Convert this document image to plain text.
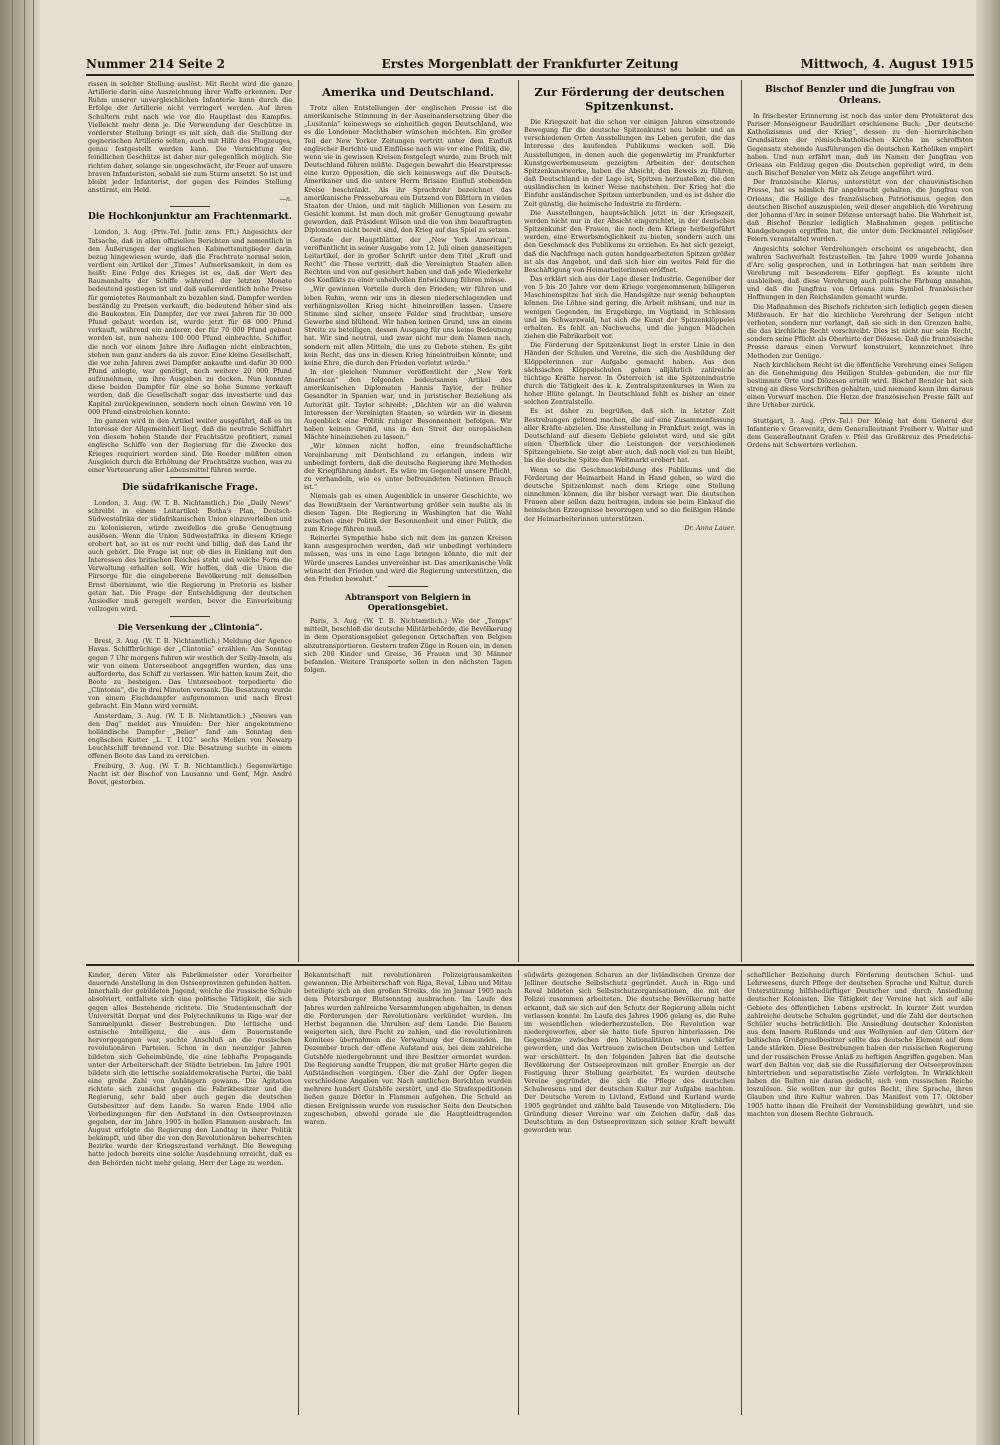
Erstes Morgenblatt der Frankfurter Zeitung
Nummer 214 Seite 2	Mittwoch, 4. August 1915

rissen in solcher Stellung auslöst. Mit Recht wird die ganze Artillerie darin eine Auszeichnung ihrer Waffe erkennen. Der Ruhm unserer unvergleichlichen Infanterie kann durch die Erfolge der Artillerie nicht verringert werden. Auf ihren Schultern ruht nach wie vor die Hauptlast des Kampfes. Vielleicht mehr denn je. Die Verwendung der Geschütze in vorderster Stellung bringt es mit sich, daß die Stellung der gegnerischen Artillerie selten, auch mit Hilfe des Flugzeuges, genau festgestellt werden kann. Die Vernichtung der feindlichen Geschütze ist daher nur gelegentlich möglich. Sie richten daher, solange sie ungeschwächt, ihr Feuer auf unsere braven Infanteristen, sobald sie zum Sturm ansetzt. So ist und bleibt jeder Infanterist, der gegen des Feindes Stellung anstürmt, ein Held.

—n.

Die Hochkonjunktur am Frachtenmarkt.

London, 3. Aug. (Priv.-Tel. Jndir. zens. Fft.) Angesichts der Tatsache, daß in allen offiziellen Berichten und namentlich in den Äußerungen der englischen Kabinettsmitglieder darin bezug hingewiesen wurde, daß die Frachtrate normal seien, verdient ein Artikel der „Times“ Aufmerksamkeit, in dem es heißt: Eine Folge des Krieges ist es, daß der Wert des Raumanhalts der Schiffe während der letzten Monate bedeutend gestiegen ist und daß außerordentlich hohe Preise für gemietetes Raumanhalt zu bezahlen sind. Dampfer werden beständig zu Preisen verkauft, die bedeutend höher sind als die Baukosten. Ein Dampfer, der vor zwei Jahren für 30 000 Pfund gebaut worden ist, wurde jetzt für 68 000 Pfund verkauft, während ein anderer, der für 70 000 Pfund gebaut worden ist, nun nahezu 100 000 Pfund einbrachte. Schiffer, die noch vor einem Jahre ihre Auflagen nicht einbrachten, stehen nun ganz anders da als zuvor. Eine kleine Gesellschaft, die vor zehn Jahren zwei Dampfer ankaufte und dafür 30 000 Pfund anlegte, war genötigt, noch weitere 20 000 Pfund aufzunehmen, um ihre Ausgaben zu decken. Nun konnten diese beiden Dampfer für eine so hohe Summe verkauft werden, daß die Gesellschaft sogar das investierte und das Kapital zurückgewinnen, sondern noch einen Gewinn von 10 000 Pfund einstreichen konnte.

Im ganzen wird in den Artikel weiter ausgeführt, daß es im Interesse der Allgemeinheit liegt, daß die neutrale Schiffahrt von diesem hohen Stande der Frachtsätze profitiert, zumal englische Schiffe von der Regierung für die Zwecke des Krieges requiriert worden sind. Die Reeder müßten einen Ausgleich durch die Erhöhung der Frachtsätze suchen, was zu einer Verteuerung aller Lebensmittel führen werde.

Die südafrikanische Frage.

London, 3. Aug. (W. T. B. Nichtamtlich.) Die „Daily News“ schreibt in einem Leitartikel: Botha's Plan, Deutsch-Südwestafrika der südafrikanischen Union einzuverleiben und zu kolonisieren, würde zweifellos die große Genugtuung auslösen. Wenn die Union Südwestafrika in diesem Kriege erobert hat, so ist es nur recht und billig, daß das Land ihr auch gehört. Die Frage ist nur, ob dies in Einklang mit den Interessen des britischen Reiches steht und welche Form die Verwaltung erhalten soll. Wir hoffen, daß die Union die Fürsorge für die eingeborene Bevölkerung mit demselben Ernst übernimmt, wie die Regierung in Pretoria es bisher getan hat. Die Frage der Entschädigung der deutschen Ansiedler muß geregelt werden, bevor die Einverleibung vollzogen wird.

Die Versenkung der „Clintonia“.

Brest, 3. Aug. (W. T. B. Nichtamtlich.) Meldung der Agence Havas. Schiffbrüchige der „Clintonia“ erzählen: Am Sonntag gegen 7 Uhr morgens fuhren wir westlich der Scilly-Inseln, als wir von einem Unterseeboot angegriffen wurden, das uns aufforderte, das Schiff zu verlassen. Wir hatten kaum Zeit, die Boote zu besteigen. Das Unterseeboot torpedierte die „Clintonia“, die in drei Minuten versank. Die Besatzung wurde von einem Fischdampfer aufgenommen und nach Brest gebracht. Ein Mann wird vermißt.

Amsterdam, 3. Aug. (W. T. B. Nichtamtlich.) „Nieuws van den Dag“ meldet aus Ymuiden: Der hier angekommene holländische Dampfer „Belier“ fand am Sonntag den englischen Kutter „L. T. 1102“ sechs Meilen von Newarp Leuchtschiff brennend vor. Die Besatzung suchte in einem offenen Boote das Land zu erreichen.

Freiburg, 3. Aug. (W. T. B. Nichtamtlich.) Gegenwärtige Nacht ist der Bischof von Lausanne und Genf, Mgr. André Bovet, gestorben.

Amerika und Deutschland.

Trotz allen Entstellungen der englischen Presse ist die amerikanische Stimmung in der Auseinandersetzung über die „Lusitania“ keineswegs so einheitlich gegen Deutschland, wie es die Londoner Machthaber wünschen möchten. Ein großer Teil der New Yorker Zeitungen vertritt unter dem Einfluß englischer Berichte und Einflüsse nach wie vor eine Politik, die, wenn sie in gewissen Kreisen festgelegt wurde, zum Bruch mit Deutschland führen müßte. Dagegen bewahrt die Hearstpresse eine kurze Opposition, die sich keineswegs auf die Deutsch-Amerikaner und die untere Herrn Brisane Einfluß stehenden Kreise beschränkt. Als ihr Sprachrohr bezeichnet das amerikanische Pressebureau ein Dutzend von Blättern in vielen Staaten der Union, und mit täglich Millionen von Lesern zu Gesicht kommt. Ist man doch mit großer Genugtuung gewahr geworden, daß Präsident Wilson und die von ihm beauftragten Diplomaten nicht bereit sind, den Krieg auf das Spiel zu setzen.

Gerade der Hauptblätter, der „New York American“, veröffentlicht in seiner Ausgabe vom 12. Juli einen ganzseitigen Leitartikel, der in großer Schrift unter dem Titel „Kraft und Recht“ die These vertritt, daß die Vereinigten Staaten allen Rechten und von auf gesichert haben und daß jede Wiederkehr des Konflikts zu einer unheilvollen Entwicklung führen müsse.

„Wir gewinnen Vorteile durch den Frieden; wir führen und leben Ruhm, wenn wir uns in diesen niederschlagenden und verhängnisvollen Krieg nicht hineinreißen lassen. Unsere Stimme sind sicher, unsere Felder sind fruchtbar; unsere Gewerbe sind blühend. Wir haben keinen Grund, uns an einem Streite zu beteiligen, dessen Ausgang für uns keine Bedeutung hat. Wir sind neutral, und zwar nicht nur dem Namen nach, sondern mit allen Mitteln, die uns zu Gebote stehen. Es gibt kein Recht, das uns in diesen Krieg hineintreiben könnte, und keine Ehre, die durch den Frieden verletzt würde.“

In der gleichen Nummer veröffentlicht der „New York American“ den folgenden bedeutsamen Artikel des amerikanischen Diplomaten Hannis Taylor, der früher Gesandter in Spanien war, und in juristischer Beziehung als Autorität gilt. Taylor schreibt: „Dächten wir an die wahren Interessen der Vereinigten Staaten, so würden wir in diesem Augenblick eine Politik ruhiger Besonnenheit befolgen. Wir haben keinen Grund, uns in den Streit der europäischen Mächte hineinziehen zu lassen.“

„Wir können nicht hoffen, eine freundschaftliche Vereinbarung mit Deutschland zu erlangen, indem wir unbedingt fordern, daß die deutsche Regierung ihre Methoden der Kriegführung ändert. Es wäre im Gegenteil unsere Pflicht, zu verhandeln, wie es unter befreundeten Nationen Brauch ist.“

Niemals gab es einen Augenblick in unserer Geschichte, wo das Bewußtsein der Verantwortung größer sein mußte als in diesen Tagen. Die Regierung in Washington hat die Wahl zwischen einer Politik der Besonnenheit und einer Politik, die zum Kriege führen muß.

Reinerlei Sympathie habe sich mit dem im ganzen Kreisen kann ausgesprochen werden, daß wir unbedingt verhindern müssen, was uns in eine Lage bringen könnte, die mit der Würde unseres Landes unvereinbar ist. Das amerikanische Volk wünscht den Frieden und wird die Regierung unterstützen, die den Frieden bewahrt.“

Abtransport von Belgiern in Operationsgebiet.

Paris, 3. Aug. (W. T. B. Nichtamtlich.) Wie der „Temps“ mitteilt, beschloß die deutsche Militärbehörde, die Bevölkerung in dem Operationsgebiet gelegenen Ortschaften von Belgien abzutransportieren. Gestern trafen Züge in Rouen ein, in denen sich 200 Kinder und Greise, 36 Frauen und 30 Männer befanden. Weitere Transporte sollen in den nächsten Tagen folgen.

Zur Förderung der deutschen Spitzenkunst.

Die Kriegszeit hat die schon vor einigen Jahren einsetzende Bewegung für die deutsche Spitzenkunst neu belebt und an verschiedenen Orten Ausstellungen ins Leben gerufen, die das Interesse des kaufenden Publikums wecken soll. Die Ausstellungen, in denen auch die gegenwärtig im Frankfurter Kunstgewerbemuseum gezeigten Arbeiten der deutschen Spitzenkunstwerke, haben die Absicht, den Beweis zu führen, daß Deutschland in der Lage ist, Spitzen herzustellen, die den ausländischen in keiner Weise nachstehen. Der Krieg hat die Einfuhr ausländischer Spitzen unterbunden, und es ist daher die Zeit günstig, die heimische Industrie zu fördern.

Die Ausstellungen, hauptsächlich jetzt in der Kriegszeit, werden nicht nur in der Absicht eingerichtet, in der deutschen Spitzenkunst den Frauen, die noch dem Kriege herbeigeführt werden, eine Erwerbsmöglichkeit zu bieten, sondern auch um den Geschmack des Publikums zu erziehen. Es hat sich gezeigt, daß die Nachfrage nach guten handgearbeiteten Spitzen größer ist als das Angebot, und daß sich hier ein weites Feld für die Beschäftigung von Heimarbeiterinnen eröffnet.

Das erklärt sich aus der Lage dieser Industrie. Gegenüber der von 5 bis 20 Jahre vor dem Kriege vorgenommenen billigeren Maschinenspitze hat sich die Handspitze nur wenig behaupten können. Die Löhne sind gering, die Arbeit mühsam, und nur in wenigen Gegenden, im Erzgebirge, im Vogtland, in Schlesien und im Schwarzwald, hat sich die Kunst der Spitzenklöppelei erhalten. Es fehlt an Nachwuchs, und die jungen Mädchen ziehen die Fabrikarbeit vor.

Die Förderung der Spitzenkunst liegt in erster Linie in den Händen der Schulen und Vereine, die sich die Ausbildung der Klöppelerinnen zur Aufgabe gemacht haben. Aus den sächsischen Klöppelschulen gehen alljährlich zahlreiche tüchtige Kräfte hervor. In Österreich ist die Spitzenindustrie durch die Tätigkeit des k. k. Zentralspitzenkurses in Wien zu hoher Blüte gelangt. In Deutschland fehlt es bisher an einer solchen Zentralstelle.

Es ist daher zu begrüßen, daß sich in letzter Zeit Bestrebungen geltend machen, die auf eine Zusammenfassung aller Kräfte abzielen. Die Ausstellung in Frankfurt zeigt, was in Deutschland auf diesem Gebiete geleistet wird, und sie gibt einen Überblick über die Leistungen der verschiedenen Spitzengebiete. Sie zeigt aber auch, daß noch viel zu tun bleibt, bis die deutsche Spitze den Weltmarkt erobert hat.

Wenn so die Geschmacksbildung des Publikums und die Förderung der Heimarbeit Hand in Hand gehen, so wird die deutsche Spitzenkunst nach dem Kriege eine Stellung einnehmen können, die ihr bisher versagt war. Die deutschen Frauen aber sollen dazu beitragen, indem sie beim Einkauf die heimischen Erzeugnisse bevorzugen und so die fleißigen Hände der Heimarbeiterinnen unterstützen.

Dr. Anna Lauer.

Bischof Benzler und die Jungfrau von Orleans.

In frischester Erinnerung ist noch das unter dem Protektorat des Pariser Monseigneur Baudrillart erschienene Buch: „Der deutsche Katholizismus und der Krieg“, dessen zu den hierarchischen Grundsätzen der römisch-katholischen Kirche im schroffsten Gegensatz stehende Ausführungen die deutschen Katholiken empört haben. Und nun erfährt man, daß im Namen der Jungfrau von Orleans ein Feldzug gegen die Deutschen gepredigt wird, in dem auch Bischof Benzler von Metz als Zeuge angeführt wird.

Der französische Klerus, unterstützt von der chauvinistischen Presse, hat es nämlich für angebracht gehalten, die Jungfrau von Orleans, die Heilige des französischen Patriotismus, gegen den deutschen Bischof auszuspielen, weil dieser angeblich die Verehrung der Johanna d'Arc in seiner Diözese untersagt habe. Die Wahrheit ist, daß Bischof Benzler lediglich Maßnahmen gegen politische Kundgebungen ergriffen hat, die unter dem Deckmantel religiöser Feiern veranstaltet wurden.

Angesichts solcher Verdrehungen erscheint es angebracht, den wahren Sachverhalt festzustellen. Im Jahre 1909 wurde Johanna d'Arc selig gesprochen, und in Lothringen hat man seitdem ihre Verehrung mit besonderem Eifer gepflegt. Es konnte nicht ausbleiben, daß diese Verehrung auch politische Färbung annahm, und daß die Jungfrau von Orleans zum Symbol französischer Hoffnungen in den Reichslanden gemacht wurde.

Die Maßnahmen des Bischofs richteten sich lediglich gegen diesen Mißbrauch. Er hat die kirchliche Verehrung der Seligen nicht verboten, sondern nur verlangt, daß sie sich in den Grenzen halte, die das kirchliche Recht vorschreibt. Dies ist nicht nur sein Recht, sondern seine Pflicht als Oberhirte der Diözese. Daß die französische Presse daraus einen Vorwurf konstruiert, kennzeichnet ihre Methoden zur Genüge.

Nach kirchlichem Recht ist die öffentliche Verehrung eines Seligen an die Genehmigung des Heiligen Stuhles gebunden, die nur für bestimmte Orte und Diözesen erteilt wird. Bischof Benzler hat sich streng an diese Vorschriften gehalten, und niemand kann ihm daraus einen Vorwurf machen. Die Hetze der französischen Presse fällt auf ihre Urheber zurück.

Stuttgart, 3. Aug. (Priv.-Tel.) Der König hat dem General der Infanterie v. Graevenitz, dem Generalleutnant Freiherr v. Watter und dem Generalleutnant Grafen v. Pfeil das Großkreuz des Friedrichs-Ordens mit Schwertern verliehen.

Kinder, deren Väter als Fabrikmeister oder Vorarbeiter dauernde Anstellung in den Ostseeprovinzen gefunden hatten. Innerhalb der gebildeten Jugend, welche die russische Schule absolviert, entfaltete sich eine politische Tätigkeit, die sich gegen alles Bestehende richtete. Die Studentenschaft der Universität Dorpat und des Polytechnikums in Riga war der Sammelpunkt dieser Bestrebungen. Die lettische und estnische Intelligenz, die aus dem Bauernstande hervorgegangen war, suchte Anschluß an die russischen revolutionären Parteien. Schon in den neunziger Jahren bildeten sich Geheimbünde, die eine lebhafte Propaganda unter der Arbeiterschaft der Städte betrieben. Im Jahre 1901 bildete sich die lettische sozialdemokratische Partei, die bald eine große Zahl von Anhängern gewann. Die Agitation richtete sich zunächst gegen die Fabrikbesitzer und die Regierung, sehr bald aber auch gegen die deutschen Gutsbesitzer auf dem Lande. So waren Ende 1904 alle Vorbedingungen für den Aufstand in den Ostseeprovinzen gegeben, der im Jahre 1905 in hellen Flammen ausbrach. Im August erfolgte die Regierung den Landtag in ihrer Politik bekämpft, und über die von den Revolutionären beherrschten Bezirke wurde der Kriegszustand verhängt. Die Bewegung hatte jedoch bereits eine solche Ausdehnung erreicht, daß es den Behörden nicht mehr gelang, Herr der Lage zu werden.

Bekanntschaft mit revolutionären Polizeigrausamkeiten gewannen. Die Arbeiterschaft von Riga, Reval, Libau und Mitau beteiligte sich an den großen Streiks, die im Januar 1905 nach dem Petersburger Blutsonntag ausbrachen. Im Laufe des Jahres wurden zahlreiche Versammlungen abgehalten, in denen die Forderungen der Revolutionäre verkündet wurden. Im Herbst begannen die Unruhen auf dem Lande. Die Bauern weigerten sich, ihre Pacht zu zahlen, und die revolutionären Komitees übernahmen die Verwaltung der Gemeinden. Im Dezember brach der offene Aufstand aus, bei dem zahlreiche Gutshöfe niedergebrannt und ihre Besitzer ermordet wurden. Die Regierung sandte Truppen, die mit großer Härte gegen die Aufständischen vorgingen. Über die Zahl der Opfer liegen verschiedene Angaben vor. Nach amtlichen Berichten wurden mehrere hundert Gutshöfe zerstört, und die Strafexpeditionen ließen ganze Dörfer in Flammen aufgehen. Die Schuld an diesen Ereignissen wurde von russischer Seite den Deutschen zugeschoben, obwohl gerade sie die Hauptleidtragenden waren.

südwärts gezogenen Scharen an der livländischen Grenze der Jelliner deutsche Selbstschutz gegründet. Auch in Riga und Reval bildeten sich Selbstschutzorganisationen, die mit der Polizei zusammen arbeiteten. Die deutsche Bevölkerung hatte erkannt, daß sie sich auf den Schutz der Regierung allein nicht verlassen konnte. Im Laufe des Jahres 1906 gelang es, die Ruhe im wesentlichen wiederherzustellen. Die Revolution war niedergeworfen, aber sie hatte tiefe Spuren hinterlassen. Die Gegensätze zwischen den Nationalitäten waren schärfer geworden, und das Vertrauen zwischen Deutschen und Letten war erschüttert. In den folgenden Jahren hat die deutsche Bevölkerung der Ostseeprovinzen mit großer Energie an der Festigung ihrer Stellung gearbeitet. Es wurden deutsche Vereine gegründet, die sich die Pflege des deutschen Schulwesens und der deutschen Kultur zur Aufgabe machten. Der Deutsche Verein in Livland, Estland und Kurland wurde 1905 gegründet und zählte bald Tausende von Mitgliedern. Die Gründung dieser Vereine war ein Zeichen dafür, daß das Deutschtum in den Ostseeprovinzen sich seiner Kraft bewußt geworden war.

schaftlicher Beziehung durch Förderung deutschen Schul- und Lehrwesens, durch Pflege der deutschen Sprache und Kultur, durch Unterstützung hilfsbedürftiger Deutscher und durch Ansiedlung deutscher Kolonisten. Die Tätigkeit der Vereine hat sich auf alle Gebiete des öffentlichen Lebens erstreckt. In kurzer Zeit wurden zahlreiche deutsche Schulen gegründet, und die Zahl der deutschen Schüler wuchs beträchtlich. Die Ansiedlung deutscher Kolonisten aus dem Innern Rußlands und aus Wolhynien auf den Gütern der baltischen Großgrundbesitzer sollte das deutsche Element auf dem Lande stärken. Diese Bestrebungen haben der russischen Regierung und der russischen Presse Anlaß zu heftigen Angriffen gegeben. Man warf den Balten vor, daß sie die Russifizierung der Ostseeprovinzen hintertrieben und separatistische Ziele verfolgten. In Wirklichkeit haben die Balten nie daran gedacht, sich vom russischen Reiche loszulösen. Sie wollten nur ihr gutes Recht, ihre Sprache, ihren Glauben und ihre Kultur wahren. Das Manifest vom 17. Oktober 1905 hatte ihnen die Freiheit der Vereinsbildung gewährt, und sie machten von diesem Rechte Gebrauch.
